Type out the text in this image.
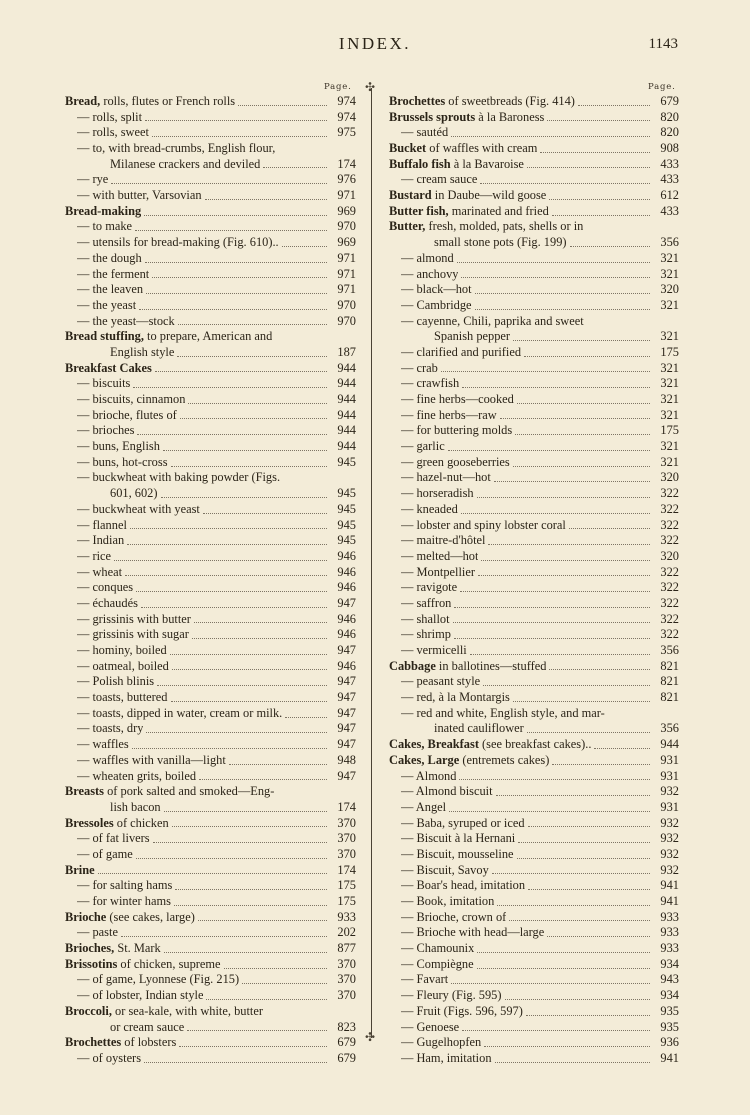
INDEX.	1143
Page.	Page.
✣
✣
Bread, rolls, flutes or French rolls	974
— rolls, split	974
— rolls, sweet	975
— to, with bread-crumbs, English flour,
Milanese crackers and deviled	174
— rye	976
— with butter, Varsovian	971
Bread-making	969
— to make	970
— utensils for bread-making (Fig. 610)..	969
— the dough	971
— the ferment	971
— the leaven	971
— the yeast	970
— the yeast—stock	970
Bread stuffing, to prepare, American and
English style	187
Breakfast Cakes	944
— biscuits	944
— biscuits, cinnamon	944
— brioche, flutes of	944
— brioches	944
— buns, English	944
— buns, hot-cross	945
— buckwheat with baking powder (Figs.
601, 602)	945
— buckwheat with yeast	945
— flannel	945
— Indian	945
— rice	946
— wheat	946
— conques	946
— échaudés	947
— grissinis with butter	946
— grissinis with sugar	946
— hominy, boiled	947
— oatmeal, boiled	946
— Polish blinis	947
— toasts, buttered	947
— toasts, dipped in water, cream or milk.	947
— toasts, dry	947
— waffles	947
— waffles with vanilla—light	948
— wheaten grits, boiled	947
Breasts of pork salted and smoked—Eng-
lish bacon	174
Bressoles of chicken	370
— of fat livers	370
— of game	370
Brine	174
— for salting hams	175
— for winter hams	175
Brioche (see cakes, large)	933
— paste	202
Brioches, St. Mark	877
Brissotins of chicken, supreme	370
— of game, Lyonnese (Fig. 215)	370
— of lobster, Indian style	370
Broccoli, or sea-kale, with white, butter
or cream sauce	823
Brochettes of lobsters	679
— of oysters	679
Brochettes of sweetbreads (Fig. 414)	679
Brussels sprouts à la Baroness	820
— sautéd	820
Bucket of waffles with cream	908
Buffalo fish à la Bavaroise	433
— cream sauce	433
Bustard in Daube—wild goose	612
Butter fish, marinated and fried	433
Butter, fresh, molded, pats, shells or in
small stone pots (Fig. 199)	356
— almond	321
— anchovy	321
— black—hot	320
— Cambridge	321
— cayenne, Chili, paprika and sweet
Spanish pepper	321
— clarified and purified	175
— crab	321
— crawfish	321
— fine herbs—cooked	321
— fine herbs—raw	321
— for buttering molds	175
— garlic	321
— green gooseberries	321
— hazel-nut—hot	320
— horseradish	322
— kneaded	322
— lobster and spiny lobster coral	322
— maitre-d'hôtel	322
— melted—hot	320
— Montpellier	322
— ravigote	322
— saffron	322
— shallot	322
— shrimp	322
— vermicelli	356
Cabbage in ballotines—stuffed	821
— peasant style	821
— red, à la Montargis	821
— red and white, English style, and mar-
inated cauliflower	356
Cakes, Breakfast (see breakfast cakes)..	944
Cakes, Large (entremets cakes)	931
— Almond	931
— Almond biscuit	932
— Angel	931
— Baba, syruped or iced	932
— Biscuit à la Hernani	932
— Biscuit, mousseline	932
— Biscuit, Savoy	932
— Boar's head, imitation	941
— Book, imitation	941
— Brioche, crown of	933
— Brioche with head—large	933
— Chamounix	933
— Compiègne	934
— Favart	943
— Fleury (Fig. 595)	934
— Fruit (Figs. 596, 597)	935
— Genoese	935
— Gugelhopfen	936
— Ham, imitation	941
